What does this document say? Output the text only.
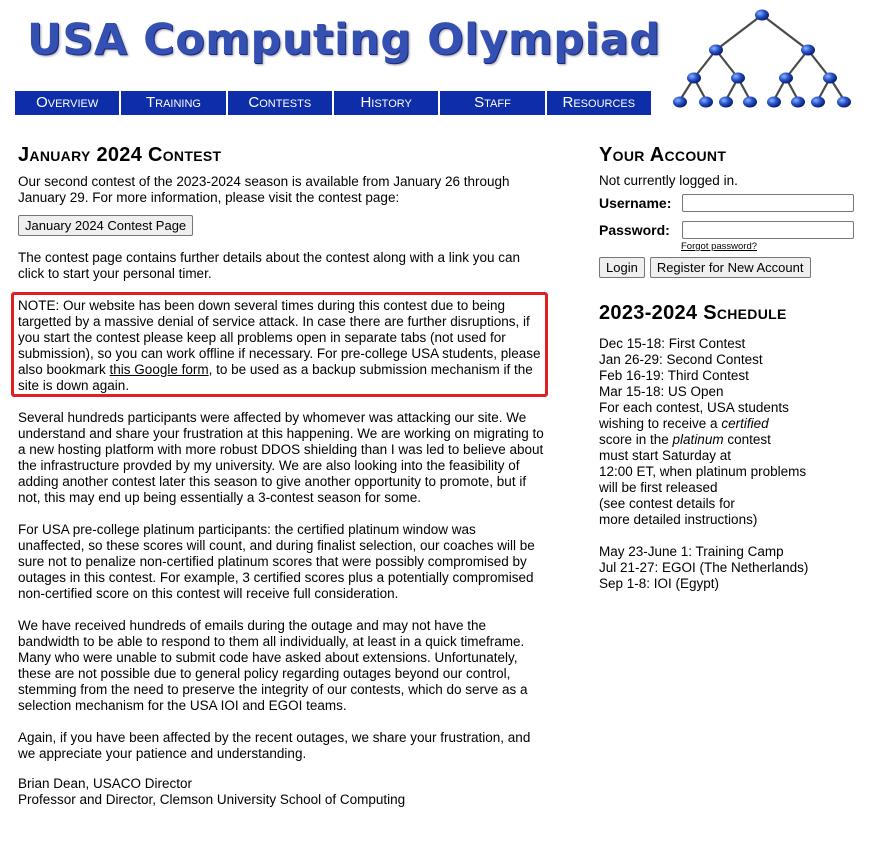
USA Computing Olympiad
Overview	Training	Contests	History	Staff	Resources
January 2024 Contest

Our second contest of the 2023-2024 season is available from January 26 through January 29. For more information, please visit the contest page:

January 2024 Contest Page

The contest page contains further details about the contest along with a link you can click to start your personal timer.

NOTE: Our website has been down several times during this contest due to being targetted by a massive denial of service attack. In case there are further disruptions, if you start the contest please keep all problems open in separate tabs (not used for submission), so you can work offline if necessary. For pre-college USA students, please also bookmark this Google form, to be used as a backup submission mechanism if the site is down again.

Several hundreds participants were affected by whomever was attacking our site. We understand and share your frustration at this happening. We are working on migrating to a new hosting platform with more robust DDOS shielding than I was led to believe about the infrastructure provded by my university. We are also looking into the feasibility of adding another contest later this season to give another opportunity to promote, but if not, this may end up being essentially a 3-contest season for some.

For USA pre-college platinum participants: the certified platinum window was unaffected, so these scores will count, and during finalist selection, our coaches will be sure not to penalize non-certified platinum scores that were possibly compromised by outages in this contest. For example, 3 certified scores plus a potentially compromised non-certified score on this contest will receive full consideration.

We have received hundreds of emails during the outage and may not have the bandwidth to be able to respond to them all individually, at least in a quick timeframe. Many who were unable to submit code have asked about extensions. Unfortunately, these are not possible due to general policy regarding outages beyond our control, stemming from the need to preserve the integrity of our contests, which do serve as a selection mechanism for the USA IOI and EGOI teams.

Again, if you have been affected by the recent outages, we share your frustration, and we appreciate your patience and understanding.

Brian Dean, USACO Director
Professor and Director, Clemson University School of Computing

Your Account

Not currently logged in.

Username:
Password:
Forgot password?
Login	Register for New Account
2023-2024 Schedule
Dec 15-18: First Contest
Jan 26-29: Second Contest
Feb 16-19: Third Contest
Mar 15-18: US Open
For each contest, USA students
wishing to receive a certified
score in the platinum contest
must start Saturday at
12:00 ET, when platinum problems
will be first released
(see contest details for
more detailed instructions)
May 23-June 1: Training Camp
Jul 21-27: EGOI (The Netherlands)
Sep 1-8: IOI (Egypt)
